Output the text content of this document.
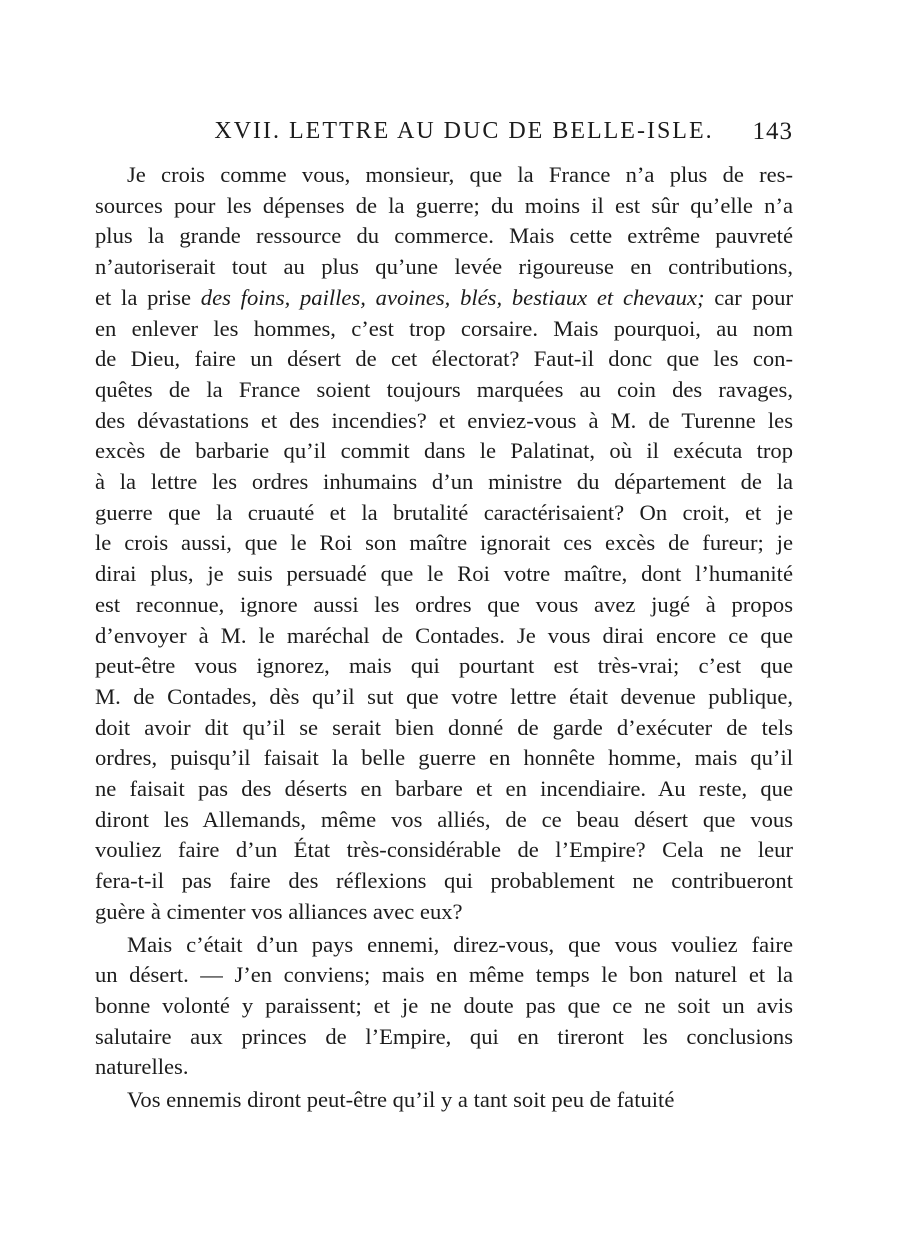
XVII. LETTRE AU DUC DE BELLE-ISLE.	143
Je crois comme vous, monsieur, que la France n’a plus de res-
sources pour les dépenses de la guerre; du moins il est sûr qu’elle n’a
plus la grande ressource du commerce. Mais cette extrême pauvreté
n’autoriserait tout au plus qu’une levée rigoureuse en contributions,
et la prise des foins, pailles, avoines, blés, bestiaux et chevaux; car pour
en enlever les hommes, c’est trop corsaire. Mais pourquoi, au nom
de Dieu, faire un désert de cet électorat? Faut-il donc que les con-
quêtes de la France soient toujours marquées au coin des ravages,
des dévastations et des incendies? et enviez-vous à M. de Turenne les
excès de barbarie qu’il commit dans le Palatinat, où il exécuta trop
à la lettre les ordres inhumains d’un ministre du département de la
guerre que la cruauté et la brutalité caractérisaient? On croit, et je
le crois aussi, que le Roi son maître ignorait ces excès de fureur; je
dirai plus, je suis persuadé que le Roi votre maître, dont l’humanité
est reconnue, ignore aussi les ordres que vous avez jugé à propos
d’envoyer à M. le maréchal de Contades. Je vous dirai encore ce que
peut-être vous ignorez, mais qui pourtant est très-vrai; c’est que
M. de Contades, dès qu’il sut que votre lettre était devenue publique,
doit avoir dit qu’il se serait bien donné de garde d’exécuter de tels
ordres, puisqu’il faisait la belle guerre en honnête homme, mais qu’il
ne faisait pas des déserts en barbare et en incendiaire. Au reste, que
diront les Allemands, même vos alliés, de ce beau désert que vous
vouliez faire d’un État très-considérable de l’Empire? Cela ne leur
fera-t-il pas faire des réflexions qui probablement ne contribueront
guère à cimenter vos alliances avec eux?
Mais c’était d’un pays ennemi, direz-vous, que vous vouliez faire
un désert. — J’en conviens; mais en même temps le bon naturel et la
bonne volonté y paraissent; et je ne doute pas que ce ne soit un avis
salutaire aux princes de l’Empire, qui en tireront les conclusions
naturelles.
Vos ennemis diront peut-être qu’il y a tant soit peu de fatuité
